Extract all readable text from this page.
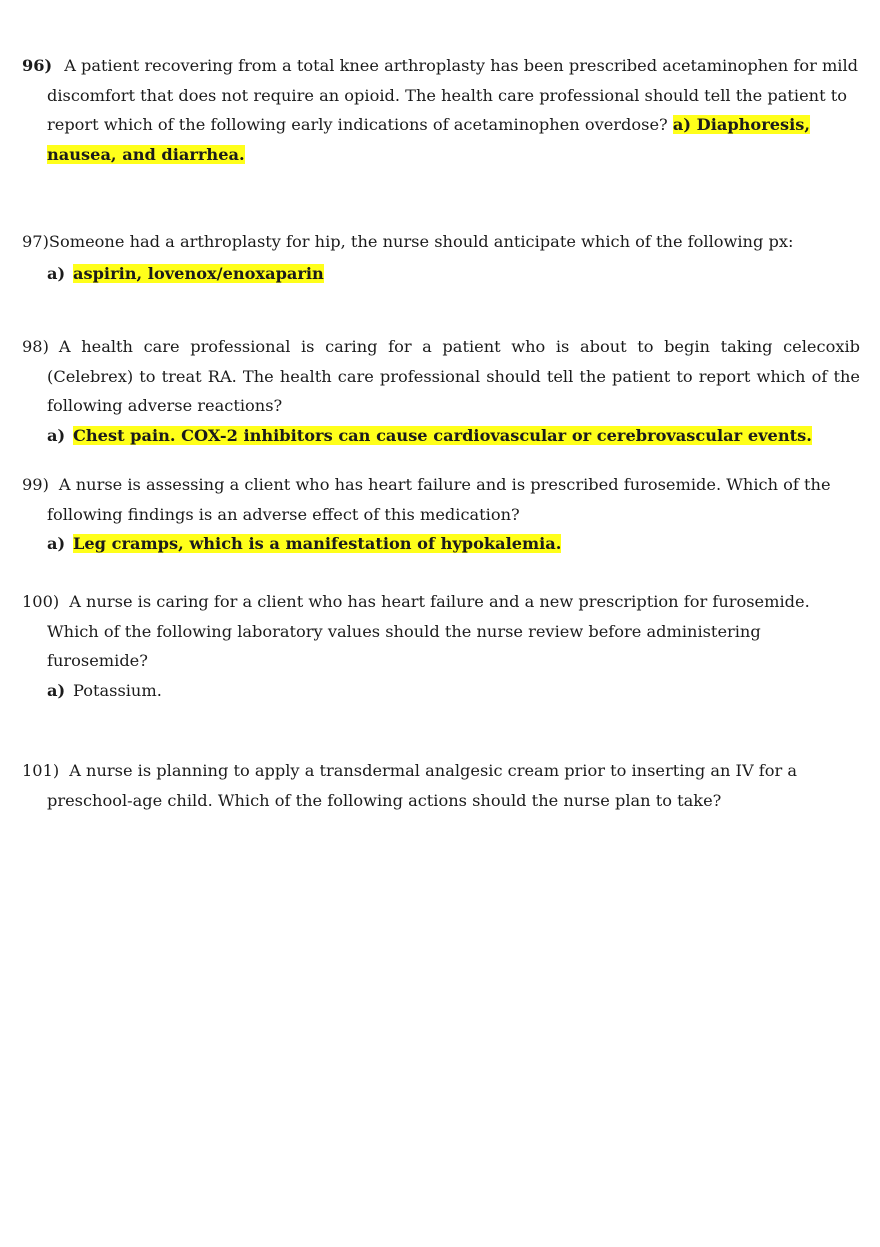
96) A patient recovering from a total knee arthroplasty has been prescribed acetaminophen for mild discomfort that does not require an opioid. The health care professional should tell the patient to report which of the following early indications of acetaminophen overdose? a) Diaphoresis, nausea, and diarrhea.
97)Someone had a arthroplasty for hip, the nurse should anticipate which of the following px:
a) aspirin, lovenox/enoxaparin
98) A health care professional is caring for a patient who is about to begin taking celecoxib (Celebrex) to treat RA. The health care professional should tell the patient to report which of the following adverse reactions?
a) Chest pain. COX-2 inhibitors can cause cardiovascular or cerebrovascular events.
99) A nurse is assessing a client who has heart failure and is prescribed furosemide. Which of the
following findings is an adverse effect of this medication?
a) Leg cramps, which is a manifestation of hypokalemia.
100) A nurse is caring for a client who has heart failure and a new prescription for furosemide.
Which of the following laboratory values should the nurse review before administering
furosemide?
a) Potassium.
101) A nurse is planning to apply a transdermal analgesic cream prior to inserting an IV for a preschool-age child. Which of the following actions should the nurse plan to take?
